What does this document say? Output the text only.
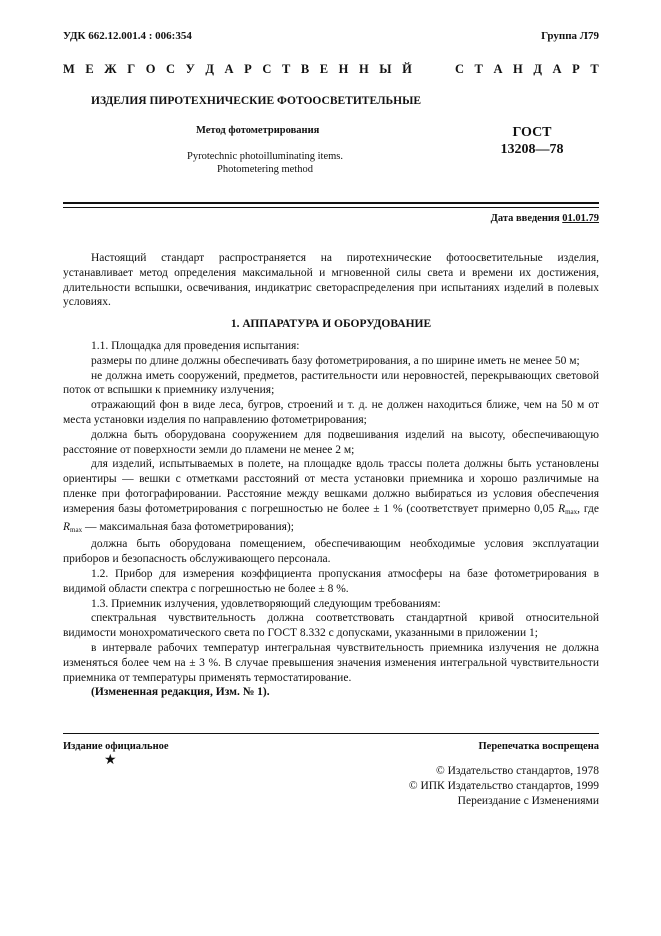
УДК 662.12.001.4 : 006:354	Группа Л79
М Е Ж Г О С У Д А Р С Т В Е Н Н Ы Й	С Т А Н Д А Р Т
ИЗДЕЛИЯ ПИРОТЕХНИЧЕСКИЕ ФОТООСВЕТИТЕЛЬНЫЕ
Метод фотометрирования
Pyrotechnic photoilluminating items.
Photometering method
ГОСТ
13208—78
Дата введения 01.01.79

Настоящий стандарт распространяется на пиротехнические фотоосветительные изделия, устанавливает метод определения максимальной и мгновенной силы света и времени их достижения, длительности вспышки, освечивания, индикатрис светораспределения при испытаниях изделий в полевых условиях.

1. АППАРАТУРА И ОБОРУДОВАНИЕ

1.1. Площадка для проведения испытания:

размеры по длине должны обеспечивать базу фотометрирования, а по ширине иметь не менее 50 м;

не должна иметь сооружений, предметов, растительности или неровностей, перекрывающих световой поток от вспышки к приемнику излучения;

отражающий фон в виде леса, бугров, строений и т. д. не должен находиться ближе, чем на 50 м от места установки изделия по направлению фотометрирования;

должна быть оборудована сооружением для подвешивания изделий на высоту, обеспечивающую расстояние от поверхности земли до пламени не менее 2 м;

для изделий, испытываемых в полете, на площадке вдоль трассы полета должны быть установлены ориентиры — вешки с отметками расстояний от места установки приемника и хорошо различимые на пленке при фотографировании. Расстояние между вешками должно выбираться из условия обеспечения измерения базы фотометрирования с погрешностью не более ± 1 % (соответствует примерно 0,05 $R_{max}$, где $R_{max}$ — максимальная база фотометрирования);

должна быть оборудована помещением, обеспечивающим необходимые условия эксплуатации приборов и безопасность обслуживающего персонала.

1.2. Прибор для измерения коэффициента пропускания атмосферы на базе фотометрирования в видимой области спектра с погрешностью не более ± 8 %.

1.3. Приемник излучения, удовлетворяющий следующим требованиям:

спектральная чувствительность должна соответствовать стандартной кривой относительной видимости монохроматического света по ГОСТ 8.332 с допусками, указанными в приложении 1;

в интервале рабочих температур интегральная чувствительность приемника излучения не должна изменяться более чем на ± 3 %. В случае превышения значения изменения интегральной чувствительности приемника от температуры применять термостатирование.

(Измененная редакция, Изм. № 1).

Издание официальное
★
Перепечатка воспрещена
© Издательство стандартов, 1978
© ИПК Издательство стандартов, 1999
Переиздание с Изменениями
